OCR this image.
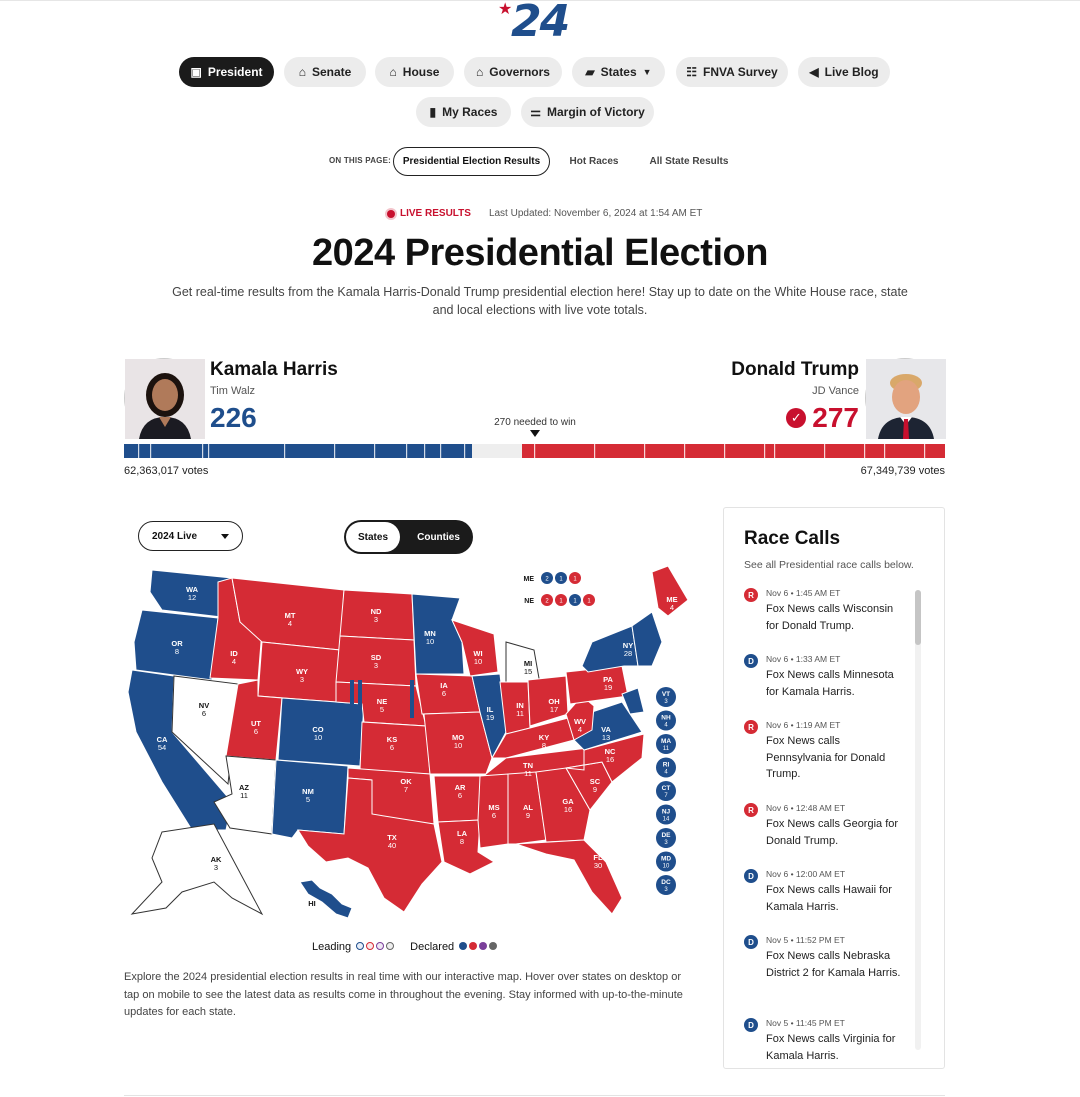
★
24
▣ President	⌂ Senate	⌂ House	⌂ Governors	▰ States ▼	☷ FNVA Survey	◀ Live Blog
▮ My Races	⚌ Margin of Victory
ON THIS PAGE:	Presidential Election Results	Hot Races	All State Results
LIVE RESULTS Last Updated: November 6, 2024 at 1:54 AM ET
2024 Presidential Election

Get real-time results from the Kamala Harris-Donald Trump presidential election here! Stay up to date on the White House race, state and local elections with live vote totals.

Kamala Harris
Tim Walz
226
Donald Trump
JD Vance
✓ 277
270 needed to win
62,363,017 votes	67,349,739 votes
2024 Live	States	Counties
WA
12
OR
8
CA
54
NV
6
ID
4
MT
4
WY
3
UT
6
AZ
11
CO
10
NM
5
ND
3
SD
3
NE
5
KS
6
OK
7
TX
40
MN
10
IA
6
MO
10
AR
6
LA
8
WI
10
IL
19
MI
15
IN
11
OH
17
KY
8
TN
11
MS
6
AL
9
GA
16
FL
30
SC
9
NC
16
VA
13
WV
4
PA
19
NY
28
ME
4
AK
3
HI
VT
3
NH
4
MA
11
RI
4
CT
7
NJ
14
DE
3
MD
10
DC
3
ME 2 1 1
NE 2 1 1 1
Leading	Declared

Explore the 2024 presidential election results in real time with our interactive map. Hover over states on desktop or tap on mobile to see the latest data as results come in throughout the evening. Stay informed with up-to-the-minute updates for each state.

Race Calls
See all Presidential race calls below.
R	Nov 6 • 1:45 AM ET
Fox News calls Wisconsin for Donald Trump.
D	Nov 6 • 1:33 AM ET
Fox News calls Minnesota for Kamala Harris.
R	Nov 6 • 1:19 AM ET
Fox News calls Pennsylvania for Donald Trump.
R	Nov 6 • 12:48 AM ET
Fox News calls Georgia for Donald Trump.
D	Nov 6 • 12:00 AM ET
Fox News calls Hawaii for Kamala Harris.
D	Nov 5 • 11:52 PM ET
Fox News calls Nebraska District 2 for Kamala Harris.
D	Nov 5 • 11:45 PM ET
Fox News calls Virginia for Kamala Harris.
